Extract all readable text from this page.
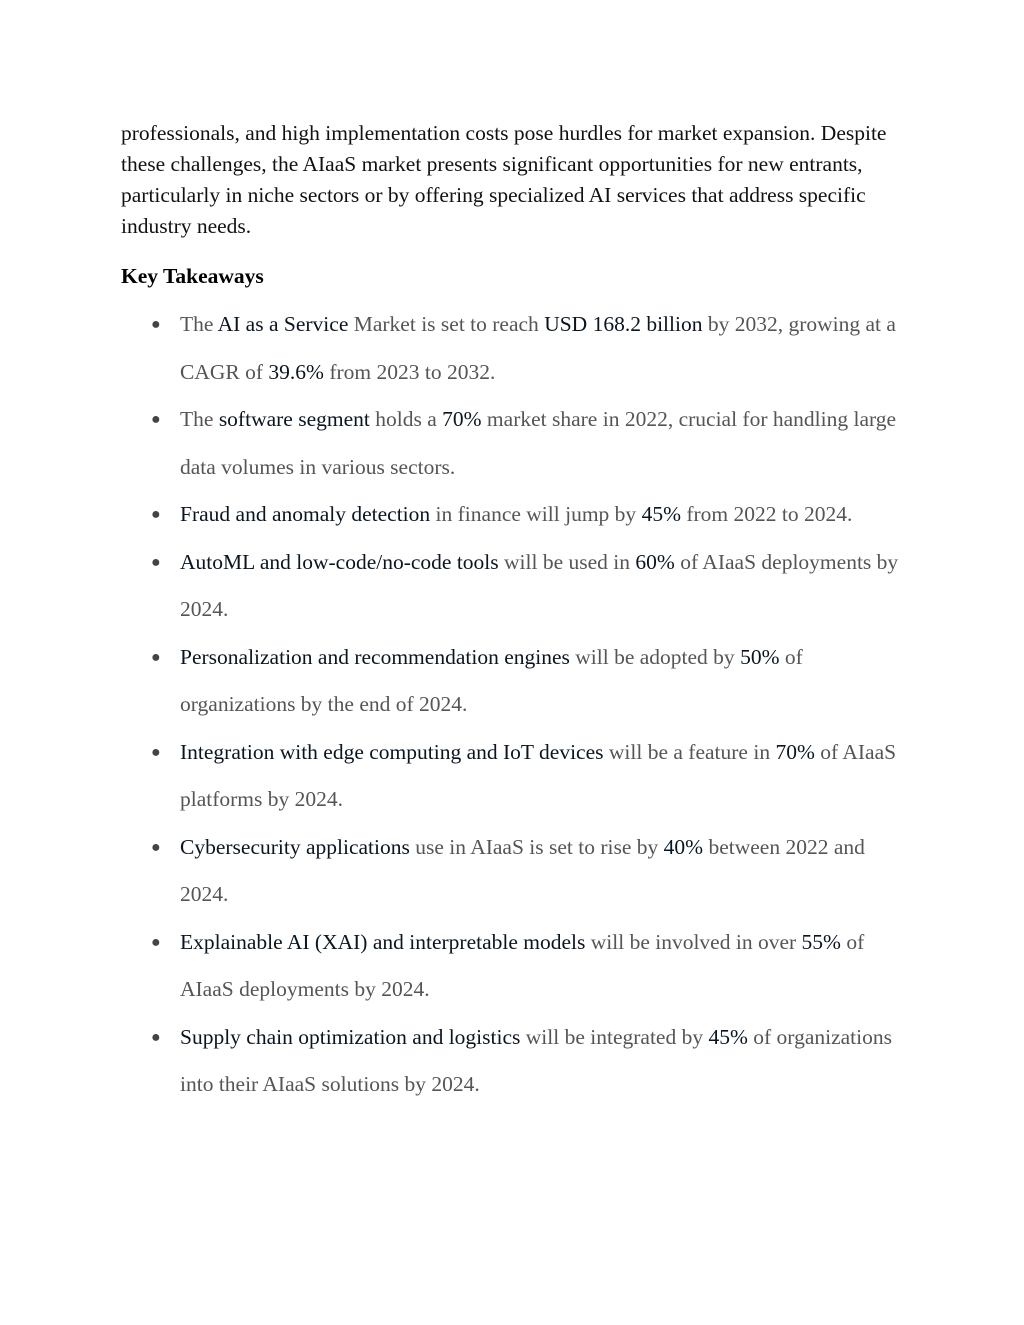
professionals, and high implementation costs pose hurdles for market expansion. Despite these challenges, the AIaaS market presents significant opportunities for new entrants, particularly in niche sectors or by offering specialized AI services that address specific industry needs.

Key Takeaways
● The AI as a Service Market is set to reach USD 168.2 billion by 2032, growing at a CAGR of 39.6% from 2023 to 2032.
● The software segment holds a 70% market share in 2022, crucial for handling large data volumes in various sectors.
● Fraud and anomaly detection in finance will jump by 45% from 2022 to 2024.
● AutoML and low-code/no-code tools will be used in 60% of AIaaS deployments by 2024.
● Personalization and recommendation engines will be adopted by 50% of organizations by the end of 2024.
● Integration with edge computing and IoT devices will be a feature in 70% of AIaaS platforms by 2024.
● Cybersecurity applications use in AIaaS is set to rise by 40% between 2022 and 2024.
● Explainable AI (XAI) and interpretable models will be involved in over 55% of AIaaS deployments by 2024.
● Supply chain optimization and logistics will be integrated by 45% of organizations into their AIaaS solutions by 2024.
